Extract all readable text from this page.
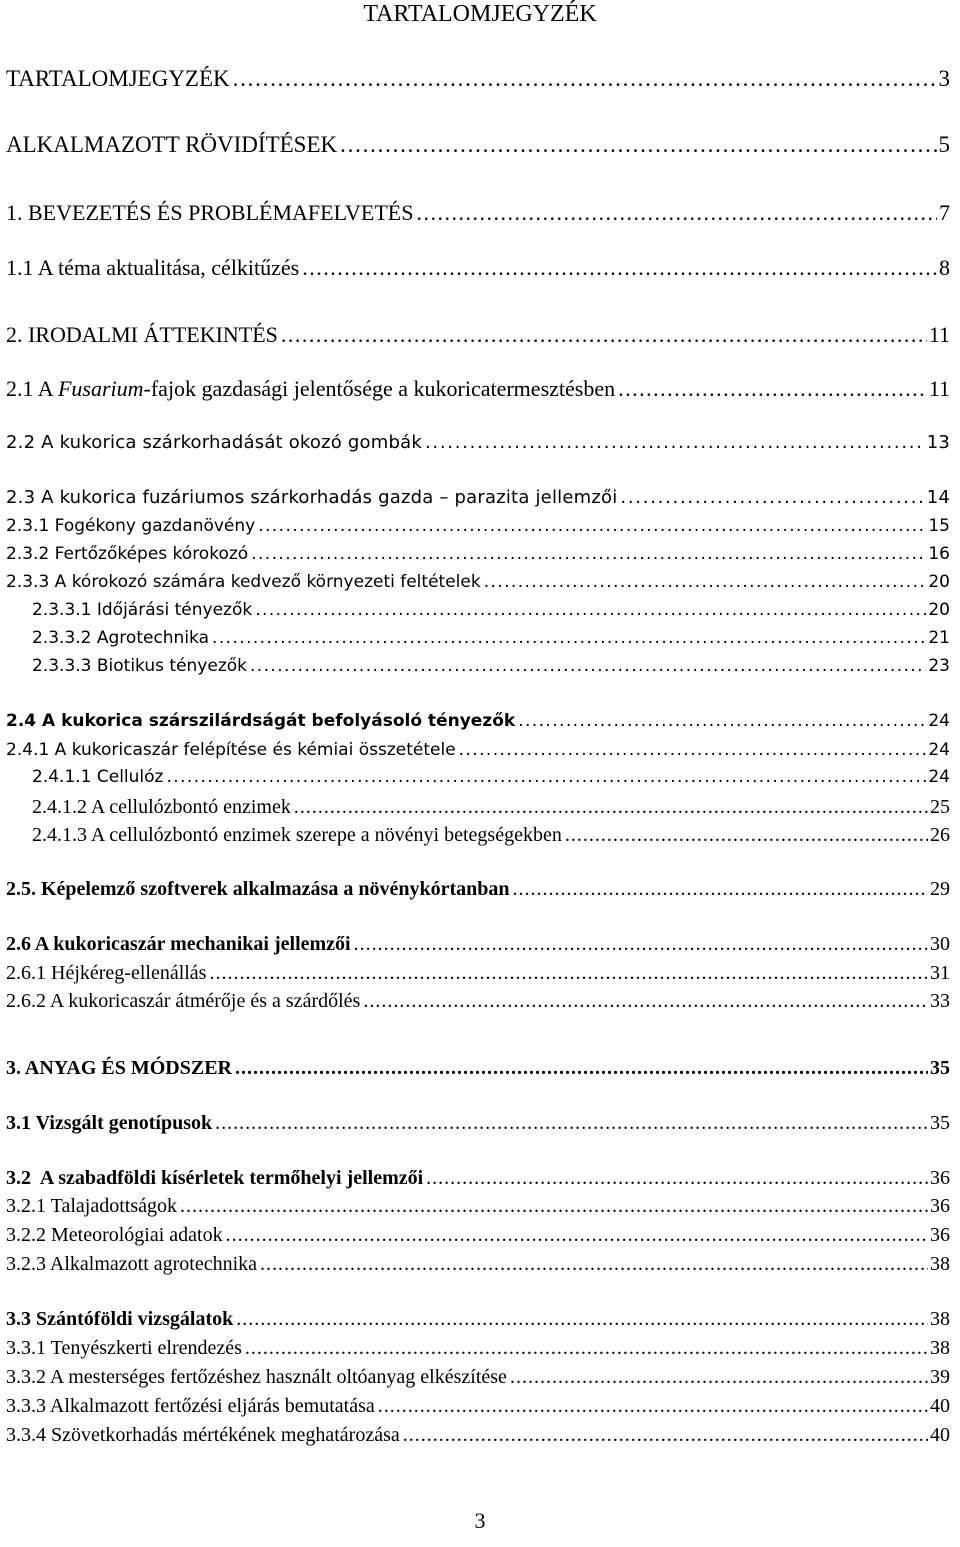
TARTALOMJEGYZÉK
TARTALOMJEGYZÉK . . .	3
ALKALMAZOTT RÖVIDÍTÉSEK . . .	5
1. BEVEZETÉS ÉS PROBLÉMAFELVETÉS . . .	7
1.1 A téma aktualitása, célkitűzés . . .	8
2. IRODALMI ÁTTEKINTÉS . . .	11
2.1 A Fusarium-fajok gazdasági jelentősége a kukoricatermesztésben . . .	11
2.2 A kukorica szárkorhadását okozó gombák . . .	13
2.3 A kukorica fuzáriumos szárkorhadás gazda – parazita jellemzői . . .	14
2.3.1 Fogékony gazdanövény . . .	15
2.3.2 Fertőzőképes kórokozó . . .	16
2.3.3 A kórokozó számára kedvező környezeti feltételek . . .	20
2.3.3.1 Időjárási tényezők . . .	20
2.3.3.2 Agrotechnika . . .	21
2.3.3.3 Biotikus tényezők . . .	23
2.4 A kukorica szárszilárdságát befolyásoló tényezők . . .	24
2.4.1 A kukoricaszár felépítése és kémiai összetétele . . .	24
2.4.1.1 Cellulóz . . .	24
2.4.1.2 A cellulózbontó enzimek . . .	25
2.4.1.3 A cellulózbontó enzimek szerepe a növényi betegségekben . . .	26
2.5. Képelemző szoftverek alkalmazása a növénykórtanban . . .	29
2.6 A kukoricaszár mechanikai jellemzői . . .	30
2.6.1 Héjkéreg-ellenállás . . .	31
2.6.2 A kukoricaszár átmérője és a szárdőlés . . .	33
3. ANYAG ÉS MÓDSZER . . .	35
3.1 Vizsgált genotípusok . . .	35
3.2  A szabadföldi kísérletek termőhelyi jellemzői . . .	36
3.2.1 Talajadottságok . . .	36
3.2.2 Meteorológiai adatok . . .	36
3.2.3 Alkalmazott agrotechnika . . .	38
3.3 Szántóföldi vizsgálatok . . .	38
3.3.1 Tenyészkerti elrendezés . . .	38
3.3.2 A mesterséges fertőzéshez használt oltóanyag elkészítése . . .	39
3.3.3 Alkalmazott fertőzési eljárás bemutatása . . .	40
3.3.4 Szövetkorhadás mértékének meghatározása . . .	40
3
